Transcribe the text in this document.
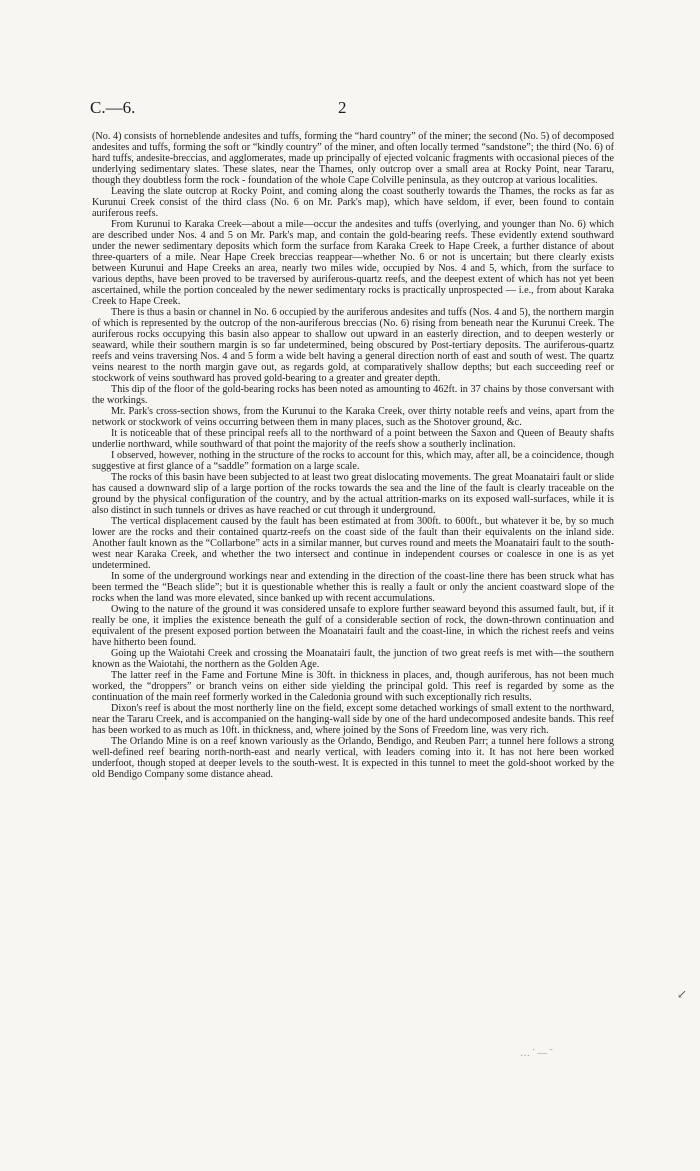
C.—6.	2

(No. 4) consists of horneblende andesites and tuffs, forming the “hard country” of the miner; the second (No. 5) of decomposed andesites and tuffs, forming the soft or “kindly country” of the miner, and often locally termed “sandstone”; the third (No. 6) of hard tuffs, andesite-breccias, and agglomerates, made up principally of ejected volcanic fragments with occasional pieces of the underlying sedimentary slates. These slates, near the Thames, only outcrop over a small area at Rocky Point, near Tararu, though they doubtless form the rock - foundation of the whole Cape Colville peninsula, as they outcrop at various localities.

Leaving the slate outcrop at Rocky Point, and coming along the coast southerly towards the Thames, the rocks as far as Kurunui Creek consist of the third class (No. 6 on Mr. Park's map), which have seldom, if ever, been found to contain auriferous reefs.

From Kurunui to Karaka Creek—about a mile—occur the andesites and tuffs (overlying, and younger than No. 6) which are described under Nos. 4 and 5 on Mr. Park's map, and contain the gold-bearing reefs. These evidently extend southward under the newer sedimentary deposits which form the surface from Karaka Creek to Hape Creek, a further distance of about three-quarters of a mile. Near Hape Creek breccias reappear—whether No. 6 or not is uncertain; but there clearly exists between Kurunui and Hape Creeks an area, nearly two miles wide, occupied by Nos. 4 and 5, which, from the surface to various depths, have been proved to be traversed by auriferous-quartz reefs, and the deepest extent of which has not yet been ascertained, while the portion concealed by the newer sedimentary rocks is practically unprospected — i.e., from about Karaka Creek to Hape Creek.

There is thus a basin or channel in No. 6 occupied by the auriferous andesites and tuffs (Nos. 4 and 5), the northern margin of which is represented by the outcrop of the non-auriferous breccias (No. 6) rising from beneath near the Kurunui Creek. The auriferous rocks occupying this basin also appear to shallow out upward in an easterly direction, and to deepen westerly or seaward, while their southern margin is so far undetermined, being obscured by Post-tertiary deposits. The auriferous-quartz reefs and veins traversing Nos. 4 and 5 form a wide belt having a general direction north of east and south of west. The quartz veins nearest to the north margin gave out, as regards gold, at comparatively shallow depths; but each succeeding reef or stockwork of veins southward has proved gold-bearing to a greater and greater depth.

This dip of the floor of the gold-bearing rocks has been noted as amounting to 462ft. in 37 chains by those conversant with the workings.

Mr. Park's cross-section shows, from the Kurunui to the Karaka Creek, over thirty notable reefs and veins, apart from the network or stockwork of veins occurring between them in many places, such as the Shotover ground, &c.

It is noticeable that of these principal reefs all to the northward of a point between the Saxon and Queen of Beauty shafts underlie northward, while southward of that point the majority of the reefs show a southerly inclination.

I observed, however, nothing in the structure of the rocks to account for this, which may, after all, be a coincidence, though suggestive at first glance of a “saddle” formation on a large scale.

The rocks of this basin have been subjected to at least two great dislocating movements. The great Moanatairi fault or slide has caused a downward slip of a large portion of the rocks towards the sea and the line of the fault is clearly traceable on the ground by the physical configuration of the country, and by the actual attrition-marks on its exposed wall-surfaces, while it is also distinct in such tunnels or drives as have reached or cut through it underground.

The vertical displacement caused by the fault has been estimated at from 300ft. to 600ft., but whatever it be, by so much lower are the rocks and their contained quartz-reefs on the coast side of the fault than their equivalents on the inland side. Another fault known as the “Collarbone” acts in a similar manner, but curves round and meets the Moanatairi fault to the south-west near Karaka Creek, and whether the two intersect and continue in independent courses or coalesce in one is as yet undetermined.

In some of the underground workings near and extending in the direction of the coast-line there has been struck what has been termed the “Beach slide”; but it is questionable whether this is really a fault or only the ancient coastward slope of the rocks when the land was more elevated, since banked up with recent accumulations.

Owing to the nature of the ground it was considered unsafe to explore further seaward beyond this assumed fault, but, if it really be one, it implies the existence beneath the gulf of a considerable section of rock, the down-thrown continuation and equivalent of the present exposed portion between the Moanatairi fault and the coast-line, in which the richest reefs and veins have hitherto been found.

Going up the Waiotahi Creek and crossing the Moanatairi fault, the junction of two great reefs is met with—the southern known as the Waiotahi, the northern as the Golden Age.

The latter reef in the Fame and Fortune Mine is 30ft. in thickness in places, and, though auriferous, has not been much worked, the “droppers” or branch veins on either side yielding the principal gold. This reef is regarded by some as the continuation of the main reef formerly worked in the Caledonia ground with such exceptionally rich results.

Dixon's reef is about the most northerly line on the field, except some detached workings of small extent to the northward, near the Tararu Creek, and is accompanied on the hanging-wall side by one of the hard undecomposed andesite bands. This reef has been worked to as much as 10ft. in thickness, and, where joined by the Sons of Freedom line, was very rich.

The Orlando Mine is on a reef known variously as the Orlando, Bendigo, and Reuben Parr; a tunnel here follows a strong well-defined reef bearing north-north-east and nearly vertical, with leaders coming into it. It has not here been worked underfoot, though stoped at deeper levels to the south-west. It is expected in this tunnel to meet the gold-shoot worked by the old Bendigo Company some distance ahead.

↙
…˙—˜
